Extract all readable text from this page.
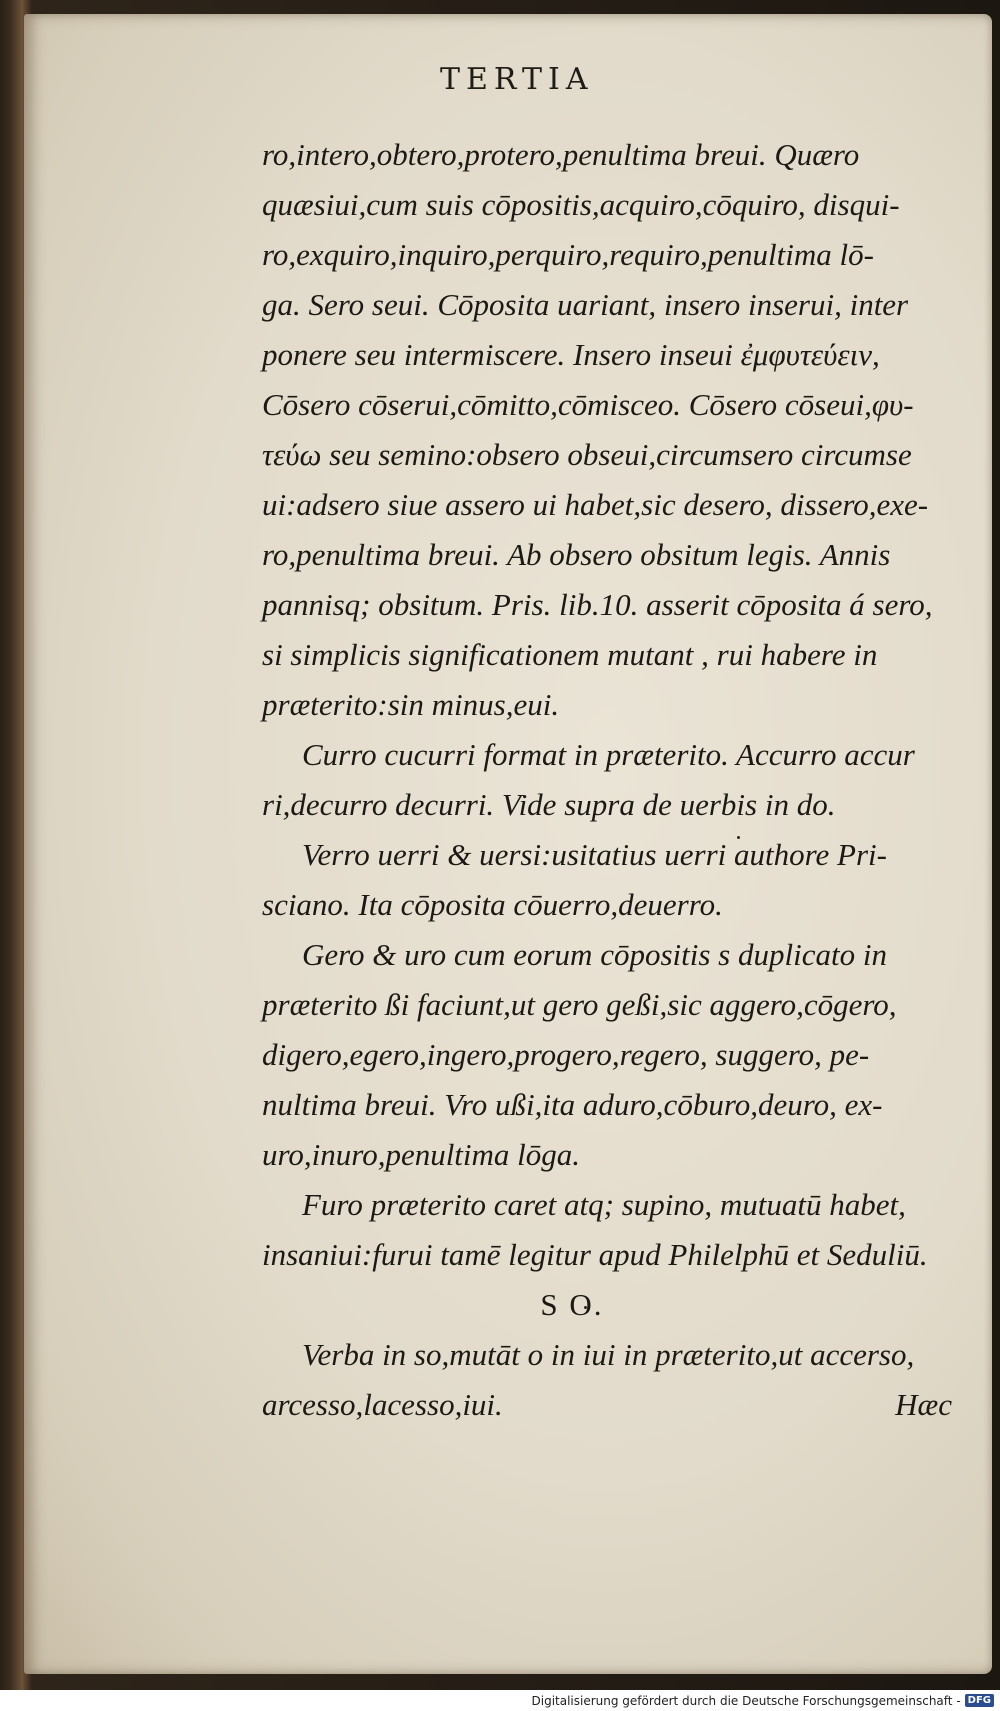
TERTIA
ro,intero,obtero,protero,penultima breui. Quæro
quæsiui,cum suis cōpositis,acquiro,cōquiro, disqui-
ro,exquiro,inquiro,perquiro,requiro,penultima lō-
ga. Sero seui. Cōposita uariant, insero inserui, inter
ponere seu intermiscere. Insero inseui ἐμφυτεύειν,
Cōsero cōserui,cōmitto,cōmisceo. Cōsero cōseui,φυ-
τεύω seu semino:obsero obseui,circumsero circumse
ui:adsero siue assero ui habet,sic desero, dissero,exe-
ro,penultima breui. Ab obsero obsitum legis. Annis
pannisq; obsitum. Pris. lib.10. asserit cōposita á sero,
si simplicis significationem mutant , rui habere in
præterito:sin minus,eui.
Curro cucurri format in præterito. Accurro accur
ri,decurro decurri. Vide supra de uerbis in do.
Verro uerri & uersi:usitatius uerri authore Pri-
sciano. Ita cōposita cōuerro,deuerro.
Gero & uro cum eorum cōpositis s duplicato in
præterito ßi faciunt,ut gero geßi,sic aggero,cōgero,
digero,egero,ingero,progero,regero, suggero, pe-
nultima breui. Vro ußi,ita aduro,cōburo,deuro, ex-
uro,inuro,penultima lōga.
Furo præterito caret atq; supino, mutuatū habet,
insaniui:furui tamē legitur apud Philelphū et Seduliū.
S O.
Verba in so,mutāt o in iui in præterito,ut accerso,
arcesso,lacesso,iui.	Hæc
Digitalisierung gefördert durch die Deutsche Forschungsgemeinschaft - DFG
